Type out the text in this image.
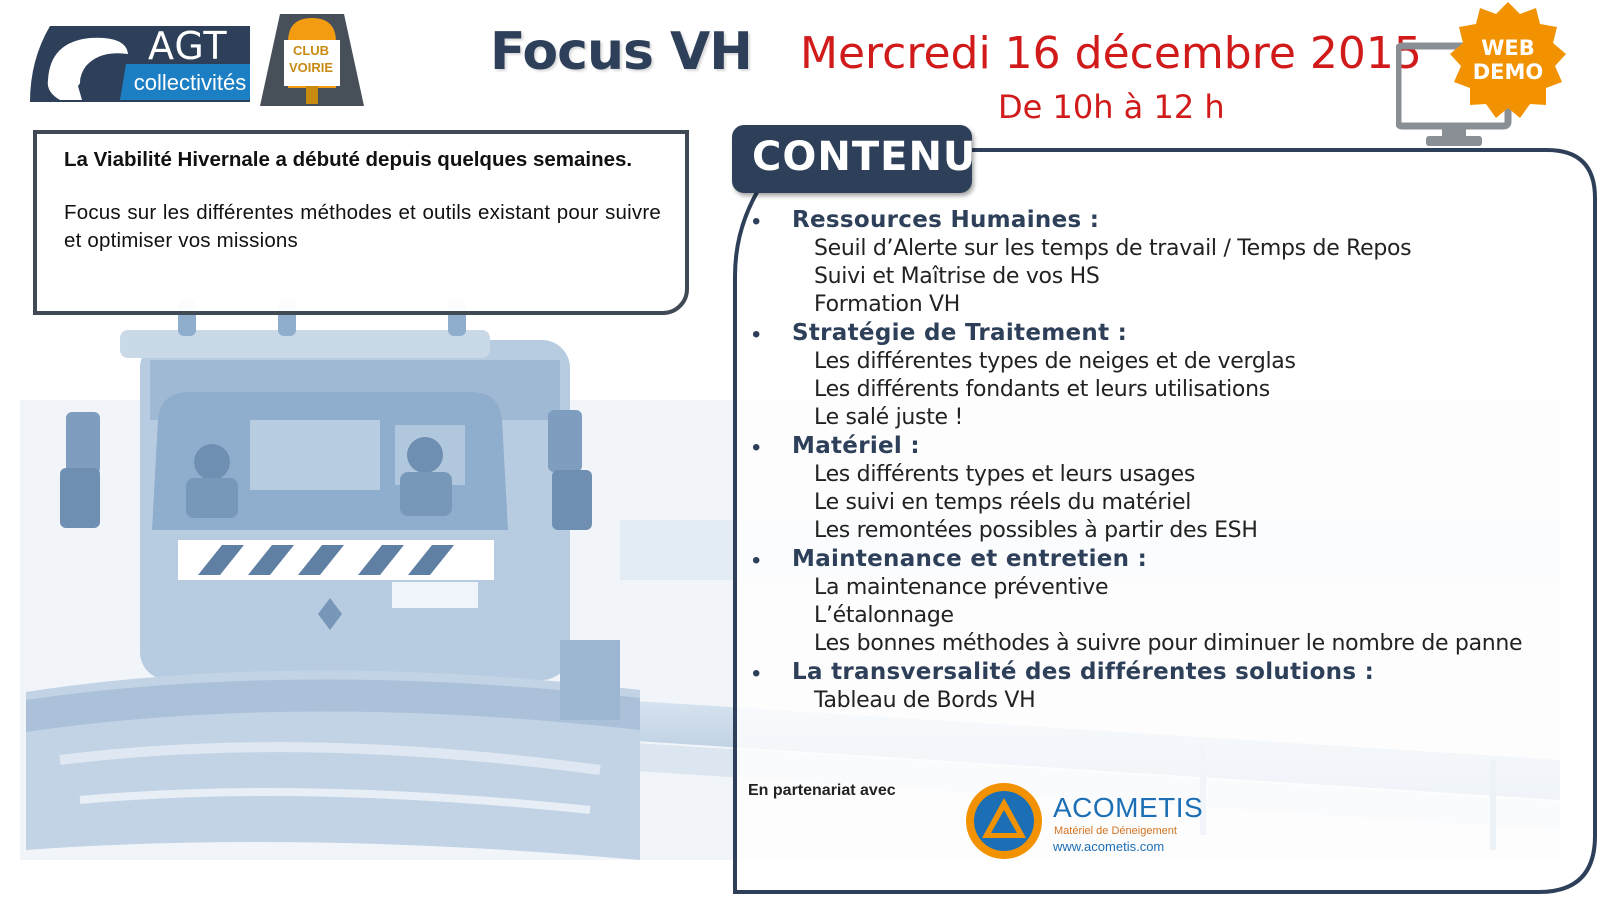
AGT
collectivités
CLUB
VOIRIE	Focus VH Mercredi 16 décembre 2015
De 10h à 12 h
WEB
DEMO

La Viabilité Hivernale a débuté depuis quelques semaines.

Focus sur les différentes méthodes et outils existant pour suivre et optimiser vos missions

CONTENU
•	Ressources Humaines :
Seuil d’Alerte sur les temps de travail / Temps de Repos
Suivi et Maîtrise de vos HS
Formation VH
•	Stratégie de Traitement :
Les différentes types de neiges et de verglas
Les différents fondants et leurs utilisations
Le salé juste !
•	Matériel :
Les différents types et leurs usages
Le suivi en temps réels du matériel
Les remontées possibles à partir des ESH
•	Maintenance et entretien :
La maintenance préventive
L’étalonnage
Les bonnes méthodes à suivre pour diminuer le nombre de panne
•	La transversalité des différentes solutions :
Tableau de Bords VH
En partenariat avec
ACOMETIS
Matériel de Déneigement
www.acometis.com
